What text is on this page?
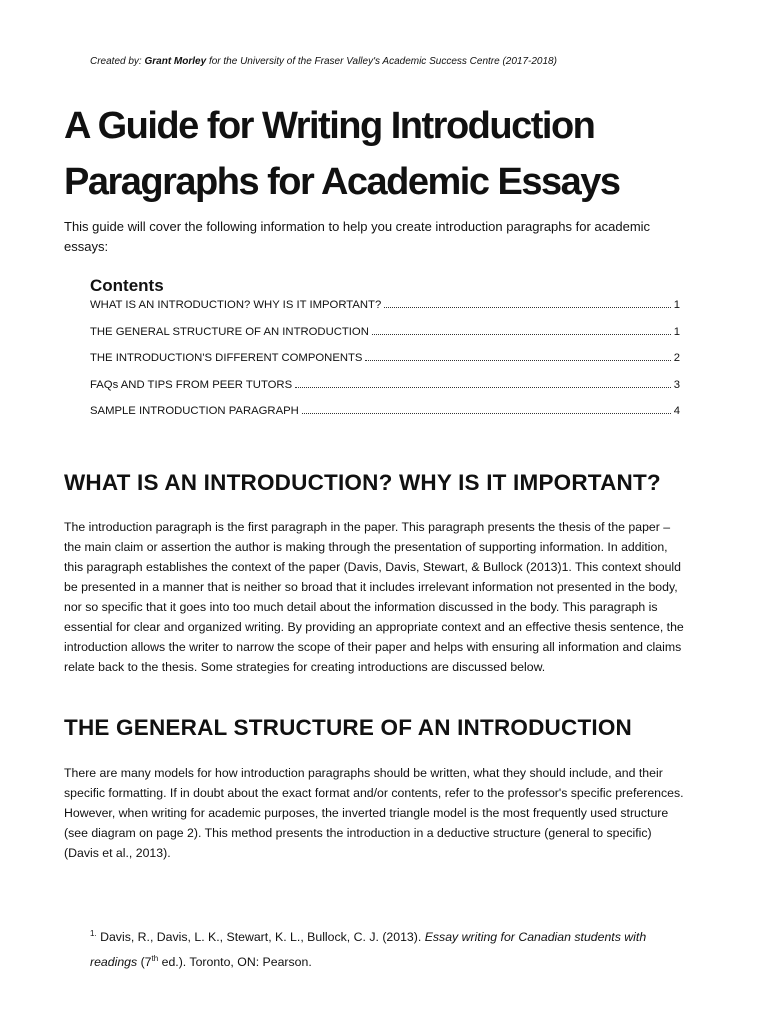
Created by: Grant Morley for the University of the Fraser Valley's Academic Success Centre (2017-2018)

A Guide for Writing Introduction Paragraphs for Academic Essays

This guide will cover the following information to help you create introduction paragraphs for academic essays:

Contents
WHAT IS AN INTRODUCTION? WHY IS IT IMPORTANT?	1
THE GENERAL STRUCTURE OF AN INTRODUCTION	1
THE INTRODUCTION'S DIFFERENT COMPONENTS	2
FAQs AND TIPS FROM PEER TUTORS	3
SAMPLE INTRODUCTION PARAGRAPH	4
WHAT IS AN INTRODUCTION? WHY IS IT IMPORTANT?

The introduction paragraph is the first paragraph in the paper. This paragraph presents the thesis of the paper – the main claim or assertion the author is making through the presentation of supporting information. In addition, this paragraph establishes the context of the paper (Davis, Davis, Stewart, & Bullock (2013)1. This context should be presented in a manner that is neither so broad that it includes irrelevant information not presented in the body, nor so specific that it goes into too much detail about the information discussed in the body. This paragraph is essential for clear and organized writing. By providing an appropriate context and an effective thesis sentence, the introduction allows the writer to narrow the scope of their paper and helps with ensuring all information and claims relate back to the thesis. Some strategies for creating introductions are discussed below.

THE GENERAL STRUCTURE OF AN INTRODUCTION

There are many models for how introduction paragraphs should be written, what they should include, and their specific formatting. If in doubt about the exact format and/or contents, refer to the professor's specific preferences. However, when writing for academic purposes, the inverted triangle model is the most frequently used structure (see diagram on page 2). This method presents the introduction in a deductive structure (general to specific) (Davis et al., 2013).

$^{1.}$ Davis, R., Davis, L. K., Stewart, K. L., Bullock, C. J. (2013). Essay writing for Canadian students with readings (7th ed.). Toronto, ON: Pearson.
